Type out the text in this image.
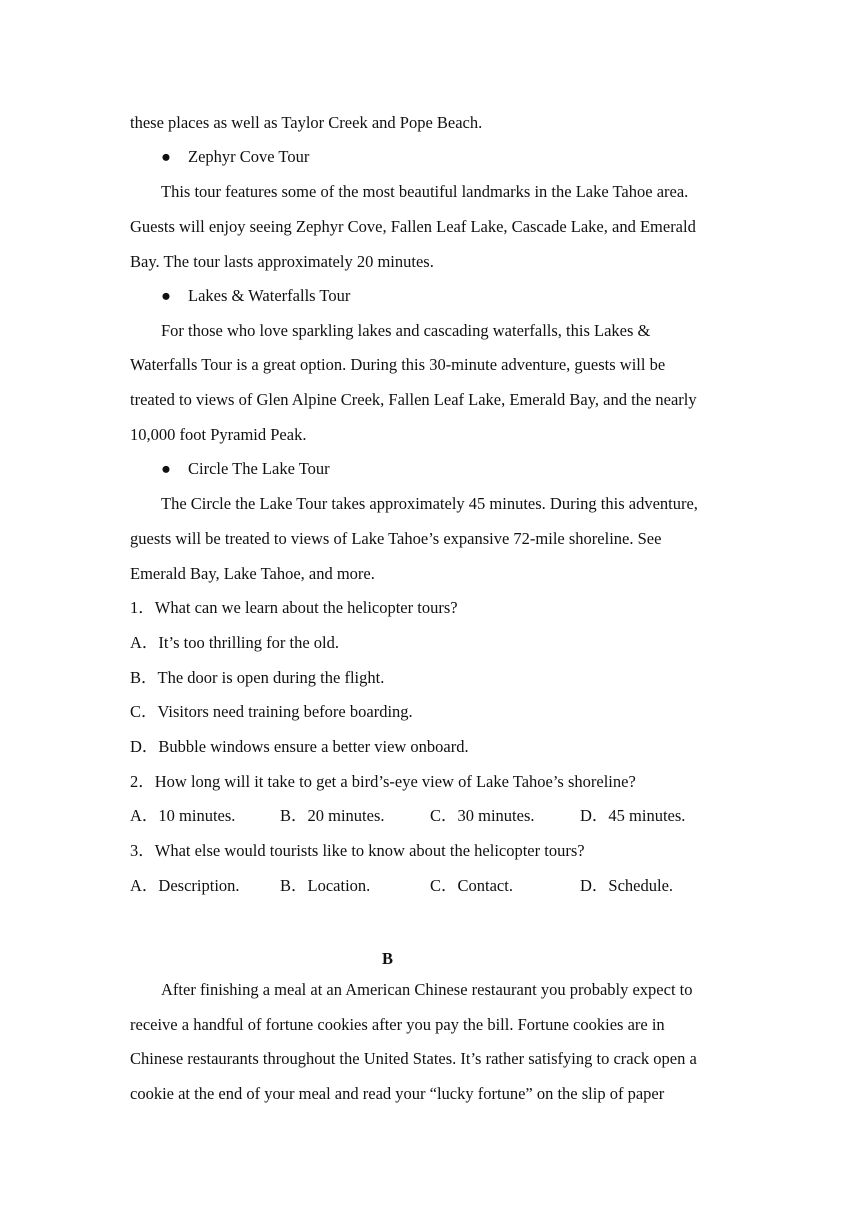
these places as well as Taylor Creek and Pope Beach.
● Zephyr Cove Tour
This tour features some of the most beautiful landmarks in the Lake Tahoe area.
Guests will enjoy seeing Zephyr Cove, Fallen Leaf Lake, Cascade Lake, and Emerald
Bay. The tour lasts approximately 20 minutes.
● Lakes & Waterfalls Tour
For those who love sparkling lakes and cascading waterfalls, this Lakes &
Waterfalls Tour is a great option. During this 30-minute adventure, guests will be
treated to views of Glen Alpine Creek, Fallen Leaf Lake, Emerald Bay, and the nearly
10,000 foot Pyramid Peak.
● Circle The Lake Tour
The Circle the Lake Tour takes approximately 45 minutes. During this adventure,
guests will be treated to views of Lake Tahoe’s expansive 72-mile shoreline. See
Emerald Bay, Lake Tahoe, and more.
1．What can we learn about the helicopter tours?
A．It’s too thrilling for the old.
B．The door is open during the flight.
C．Visitors need training before boarding.
D．Bubble windows ensure a better view onboard.
2．How long will it take to get a bird’s-eye view of Lake Tahoe’s shoreline?
A．10 minutes.	B．20 minutes.	C．30 minutes.	D．45 minutes.
3．What else would tourists like to know about the helicopter tours?
A．Description. B．Location.	C．Contact.	D．Schedule.
B
After finishing a meal at an American Chinese restaurant you probably expect to
receive a handful of fortune cookies after you pay the bill. Fortune cookies are in
Chinese restaurants throughout the United States. It’s rather satisfying to crack open a
cookie at the end of your meal and read your “lucky fortune” on the slip of paper
